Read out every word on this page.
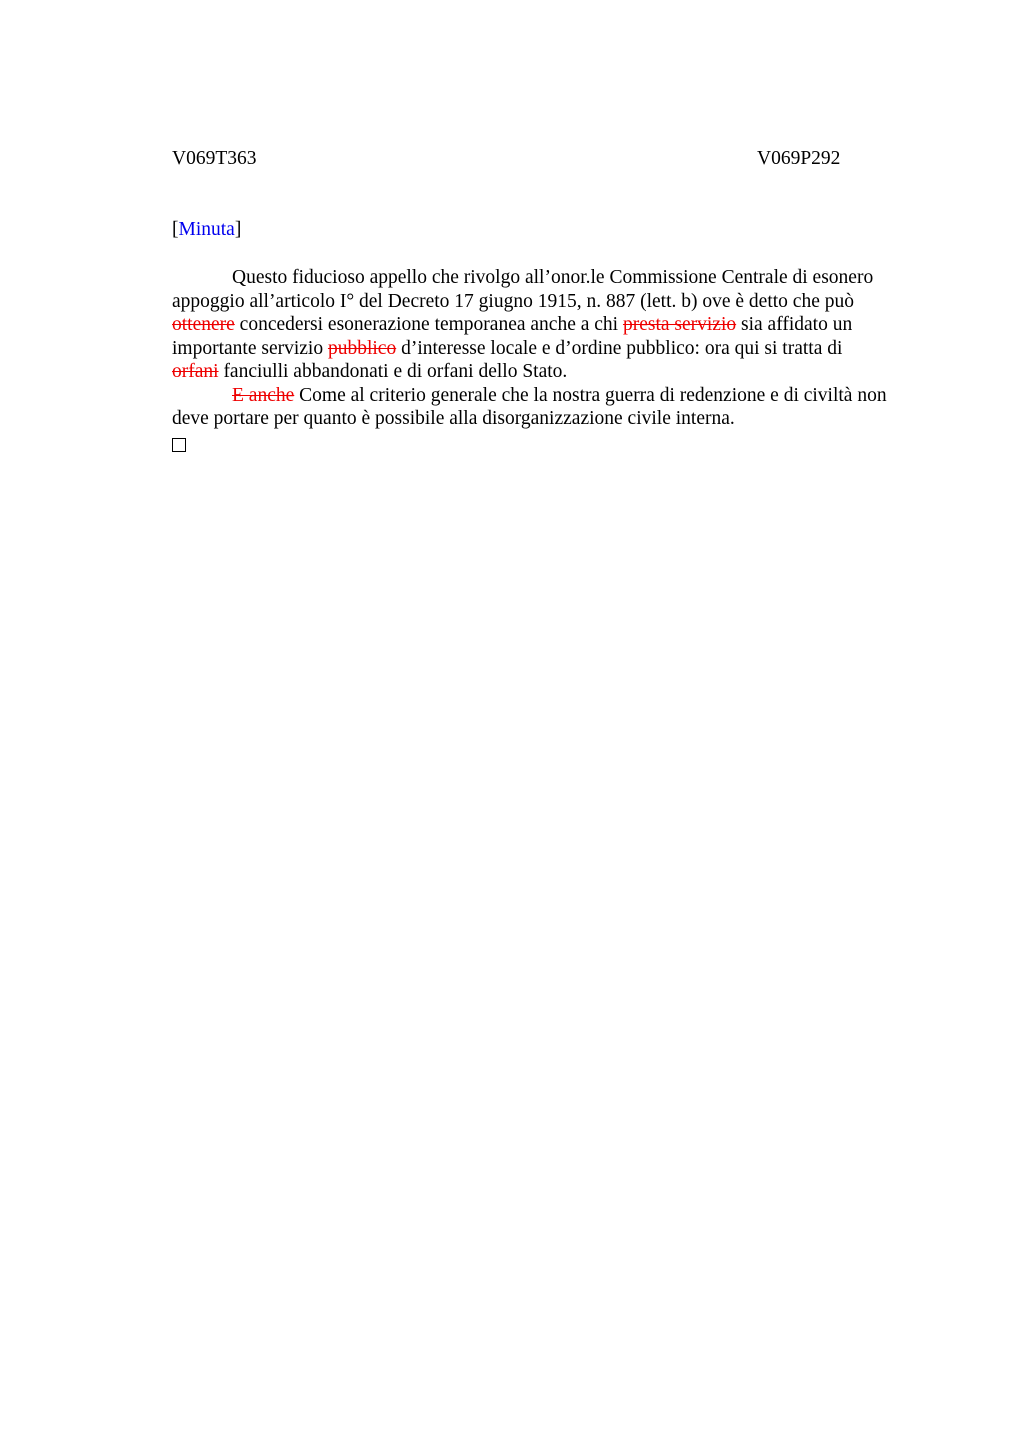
V069T363	V069P292
[Minuta]
Questo fiducioso appello che rivolgo all’onor.le Commissione Centrale di esonero
appoggio all’articolo I° del Decreto 17 giugno 1915, n. 887 (lett. b) ove è detto che può
ottenere concedersi esonerazione temporanea anche a chi presta servizio sia affidato un
importante servizio pubblico d’interesse locale e d’ordine pubblico: ora qui si tratta di
orfani fanciulli abbandonati e di orfani dello Stato.
E anche Come al criterio generale che la nostra guerra di redenzione e di civiltà non
deve portare per quanto è possibile alla disorganizzazione civile interna.
